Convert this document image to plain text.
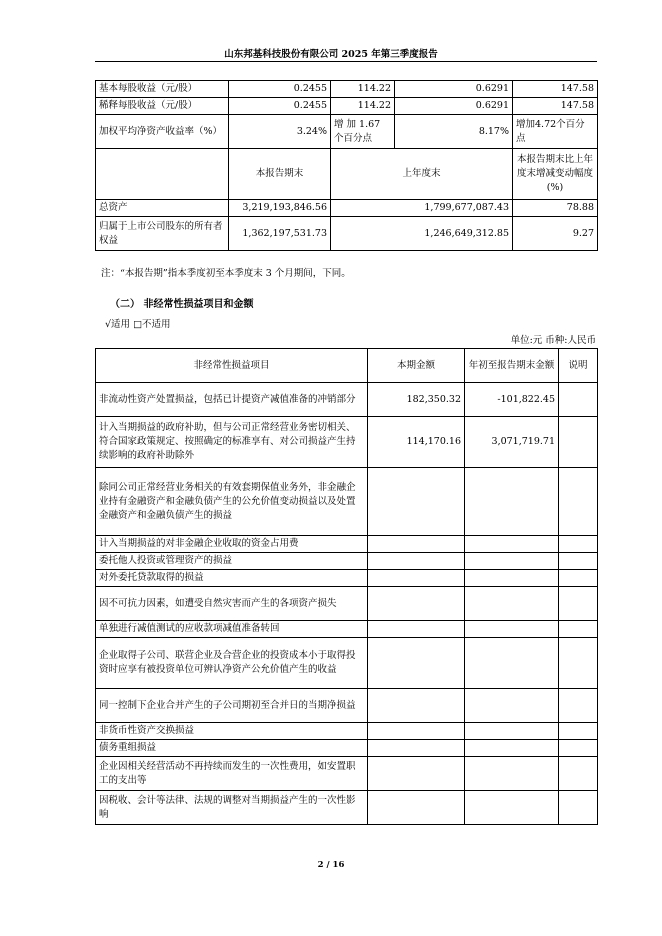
山东邦基科技股份有限公司 2025 年第三季度报告
基本每股收益（元/股）	0.2455	114.22	0.6291	147.58
稀释每股收益（元/股）	0.2455	114.22	0.6291	147.58
加权平均净资产收益率（%）	3.24%	增 加 1.67 个百分点	8.17%	增加4.72个百分点
	本报告期末	上年度末		本报告期末比上年度末增减变动幅度(%)
总资产	3,219,193,846.56	1,799,677,087.43		78.88
归属于上市公司股东的所有者权益	1,362,197,531.73	1,246,649,312.85		9.27
注：“本报告期”指本季度初至本季度末 3 个月期间，下同。
（二） 非经常性损益项目和金额
√适用 □不适用
单位:元 币种:人民币
非经常性损益项目	本期金额	年初至报告期末金额	说明
非流动性资产处置损益，包括已计提资产减值准备的冲销部分	182,350.32	-101,822.45	
计入当期损益的政府补助，但与公司正常经营业务密切相关、符合国家政策规定、按照确定的标准享有、对公司损益产生持续影响的政府补助除外	114,170.16	3,071,719.71	
除同公司正常经营业务相关的有效套期保值业务外，非金融企业持有金融资产和金融负债产生的公允价值变动损益以及处置金融资产和金融负债产生的损益			
计入当期损益的对非金融企业收取的资金占用费			
委托他人投资或管理资产的损益			
对外委托贷款取得的损益			
因不可抗力因素，如遭受自然灾害而产生的各项资产损失			
单独进行减值测试的应收款项减值准备转回			
企业取得子公司、联营企业及合营企业的投资成本小于取得投资时应享有被投资单位可辨认净资产公允价值产生的收益			
同一控制下企业合并产生的子公司期初至合并日的当期净损益			
非货币性资产交换损益			
债务重组损益			
企业因相关经营活动不再持续而发生的一次性费用，如安置职工的支出等			
因税收、会计等法律、法规的调整对当期损益产生的一次性影响			
2 / 16
